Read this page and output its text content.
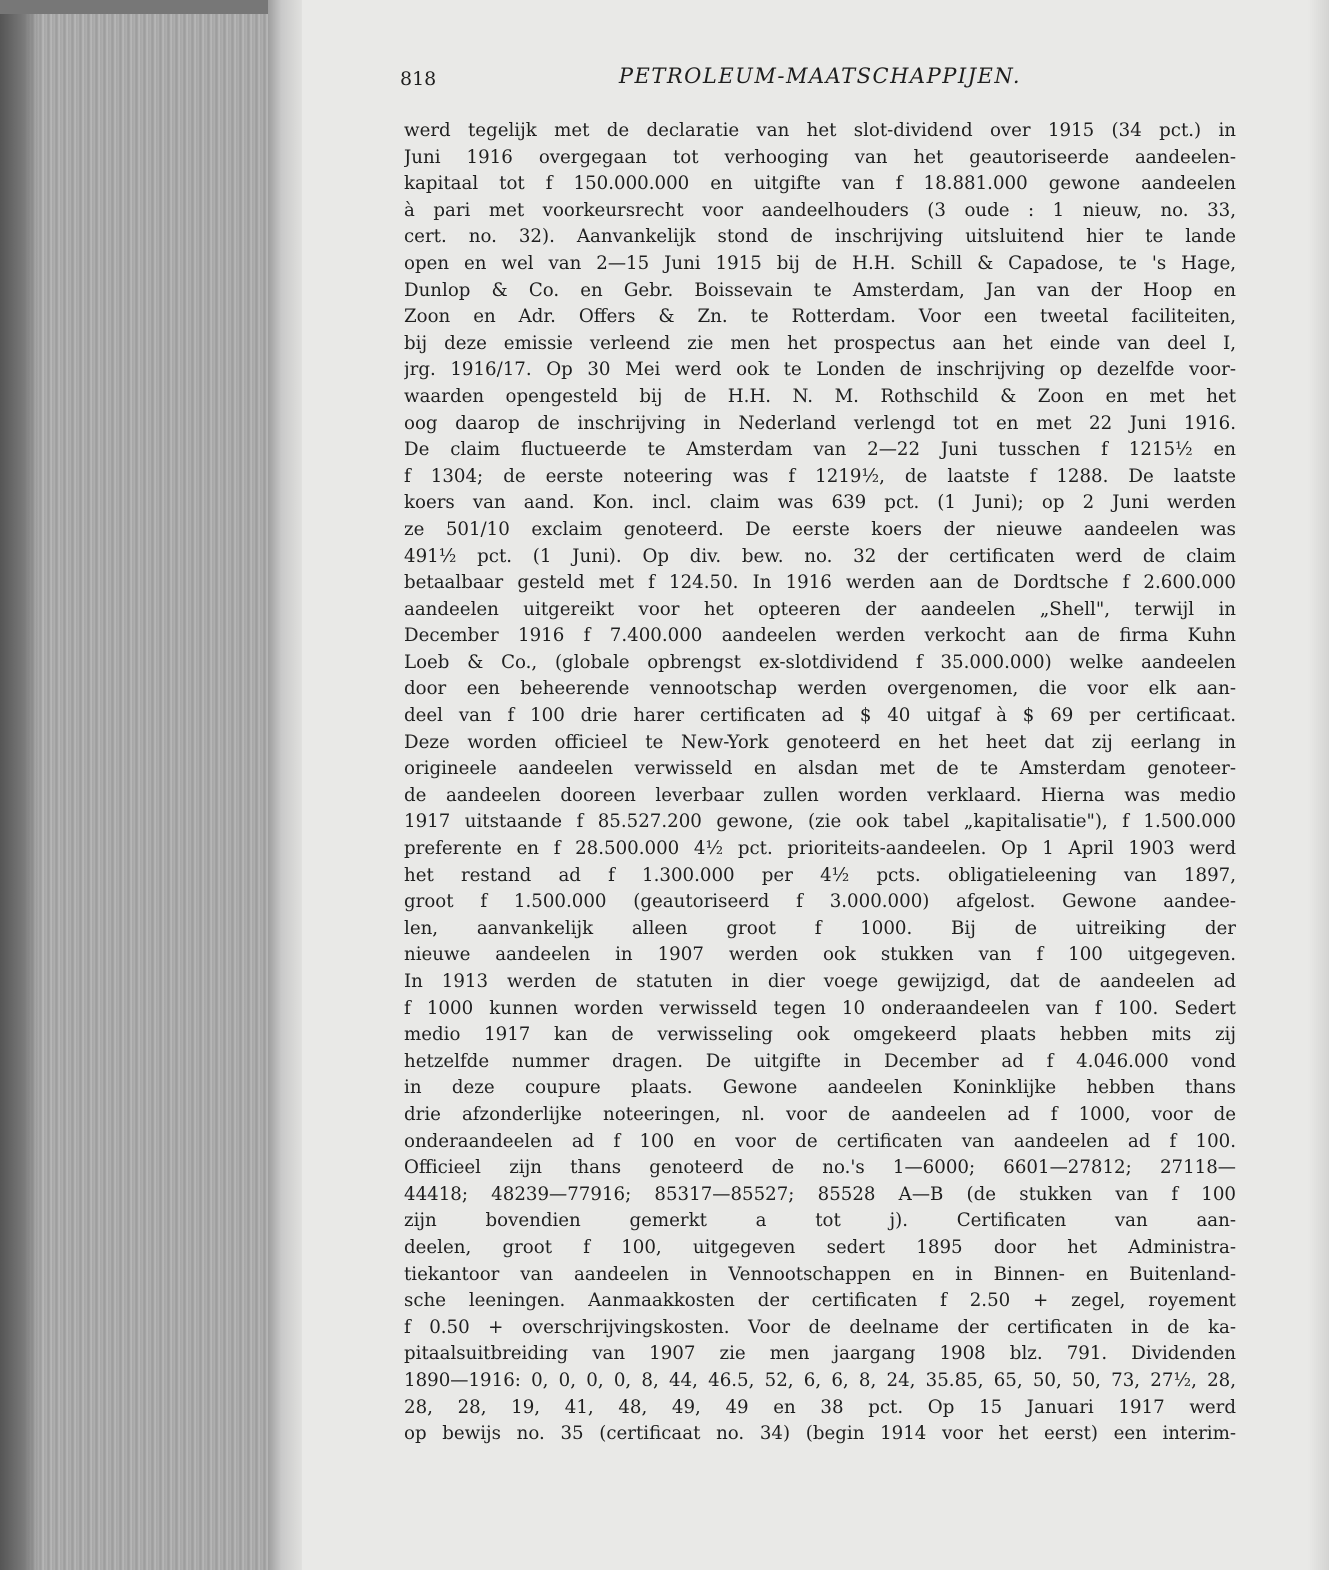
818	PETROLEUM-MAATSCHAPPIJEN.
werd tegelijk met de declaratie van het slot-dividend over 1915 (34 pct.) in
Juni 1916 overgegaan tot verhooging van het geautoriseerde aandeelen-
kapitaal tot f 150.000.000 en uitgifte van f 18.881.000 gewone aandeelen
à pari met voorkeursrecht voor aandeelhouders (3 oude : 1 nieuw, no. 33,
cert. no. 32). Aanvankelijk stond de inschrijving uitsluitend hier te lande
open en wel van 2—15 Juni 1915 bij de H.H. Schill & Capadose, te 's Hage,
Dunlop & Co. en Gebr. Boissevain te Amsterdam, Jan van der Hoop en
Zoon en Adr. Offers & Zn. te Rotterdam. Voor een tweetal faciliteiten,
bij deze emissie verleend zie men het prospectus aan het einde van deel I,
jrg. 1916/17. Op 30 Mei werd ook te Londen de inschrijving op dezelfde voor-
waarden opengesteld bij de H.H. N. M. Rothschild & Zoon en met het
oog daarop de inschrijving in Nederland verlengd tot en met 22 Juni 1916.
De claim fluctueerde te Amsterdam van 2—22 Juni tusschen f 1215½ en
f 1304; de eerste noteering was f 1219½, de laatste f 1288. De laatste
koers van aand. Kon. incl. claim was 639 pct. (1 Juni); op 2 Juni werden
ze 501/10 exclaim genoteerd. De eerste koers der nieuwe aandeelen was
491½ pct. (1 Juni). Op div. bew. no. 32 der certificaten werd de claim
betaalbaar gesteld met f 124.50. In 1916 werden aan de Dordtsche f 2.600.000
aandeelen uitgereikt voor het opteeren der aandeelen „Shell", terwijl in
December 1916 f 7.400.000 aandeelen werden verkocht aan de firma Kuhn
Loeb & Co., (globale opbrengst ex-slotdividend f 35.000.000) welke aandeelen
door een beheerende vennootschap werden overgenomen, die voor elk aan-
deel van f 100 drie harer certificaten ad $ 40 uitgaf à $ 69 per certificaat.
Deze worden officieel te New-York genoteerd en het heet dat zij eerlang in
origineele aandeelen verwisseld en alsdan met de te Amsterdam genoteer-
de aandeelen dooreen leverbaar zullen worden verklaard. Hierna was medio
1917 uitstaande f 85.527.200 gewone, (zie ook tabel „kapitalisatie"), f 1.500.000
preferente en f 28.500.000 4½ pct. prioriteits-aandeelen. Op 1 April 1903 werd
het restand ad f 1.300.000 per 4½ pcts. obligatieleening van 1897,
groot f 1.500.000 (geautoriseerd f 3.000.000) afgelost. Gewone aandee-
len, aanvankelijk alleen groot f 1000. Bij de uitreiking der
nieuwe aandeelen in 1907 werden ook stukken van f 100 uitgegeven.
In 1913 werden de statuten in dier voege gewijzigd, dat de aandeelen ad
f 1000 kunnen worden verwisseld tegen 10 onderaandeelen van f 100. Sedert
medio 1917 kan de verwisseling ook omgekeerd plaats hebben mits zij
hetzelfde nummer dragen. De uitgifte in December ad f 4.046.000 vond
in deze coupure plaats. Gewone aandeelen Koninklijke hebben thans
drie afzonderlijke noteeringen, nl. voor de aandeelen ad f 1000, voor de
onderaandeelen ad f 100 en voor de certificaten van aandeelen ad f 100.
Officieel zijn thans genoteerd de no.'s 1—6000; 6601—27812; 27118—
44418; 48239—77916; 85317—85527; 85528 A—B (de stukken van f 100
zijn bovendien gemerkt a tot j). Certificaten van aan-
deelen, groot f 100, uitgegeven sedert 1895 door het Administra-
tiekantoor van aandeelen in Vennootschappen en in Binnen- en Buitenland-
sche leeningen. Aanmaakkosten der certificaten f 2.50 + zegel, royement
f 0.50 + overschrijvingskosten. Voor de deelname der certificaten in de ka-
pitaalsuitbreiding van 1907 zie men jaargang 1908 blz. 791. Dividenden
1890—1916: 0, 0, 0, 0, 8, 44, 46.5, 52, 6, 6, 8, 24, 35.85, 65, 50, 50, 73, 27½, 28,
28, 28, 19, 41, 48, 49, 49 en 38 pct. Op 15 Januari 1917 werd
op bewijs no. 35 (certificaat no. 34) (begin 1914 voor het eerst) een interim-
